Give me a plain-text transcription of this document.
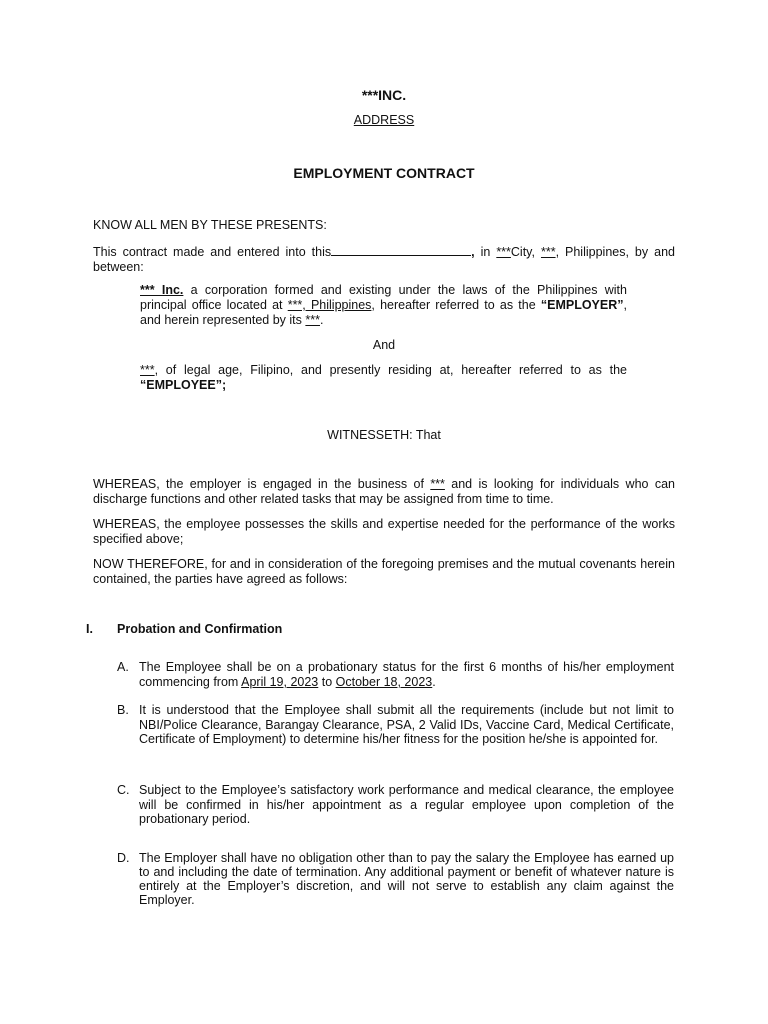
***INC.
ADDRESS
EMPLOYMENT CONTRACT
KNOW ALL MEN BY THESE PRESENTS:
This contract made and entered into this	, in ***City, ***, Philippines, by and between:
*** Inc. a corporation formed and existing under the laws of the Philippines with principal office located at ***, Philippines, hereafter referred to as the “EMPLOYER”, and herein represented by its ***.
And
***, of legal age, Filipino, and presently residing at, hereafter referred to as the “EMPLOYEE”;
WITNESSETH: That
WHEREAS, the employer is engaged in the business of *** and is looking for individuals who can discharge functions and other related tasks that may be assigned from time to time.
WHEREAS, the employee possesses the skills and expertise needed for the performance of the works specified above;
NOW THEREFORE, for and in consideration of the foregoing premises and the mutual covenants herein contained, the parties have agreed as follows:
I. Probation and Confirmation
A. The Employee shall be on a probationary status for the first 6 months of his/her employment commencing from April 19, 2023 to October 18, 2023.
B. It is understood that the Employee shall submit all the requirements (include but not limit to NBI/Police Clearance, Barangay Clearance, PSA, 2 Valid IDs, Vaccine Card, Medical Certificate, Certificate of Employment) to determine his/her fitness for the position he/she is appointed for.
C. Subject to the Employee’s satisfactory work performance and medical clearance, the employee will be confirmed in his/her appointment as a regular employee upon completion of the probationary period.
D. The Employer shall have no obligation other than to pay the salary the Employee has earned up to and including the date of termination. Any additional payment or benefit of whatever nature is entirely at the Employer’s discretion, and will not serve to establish any claim against the Employer.
